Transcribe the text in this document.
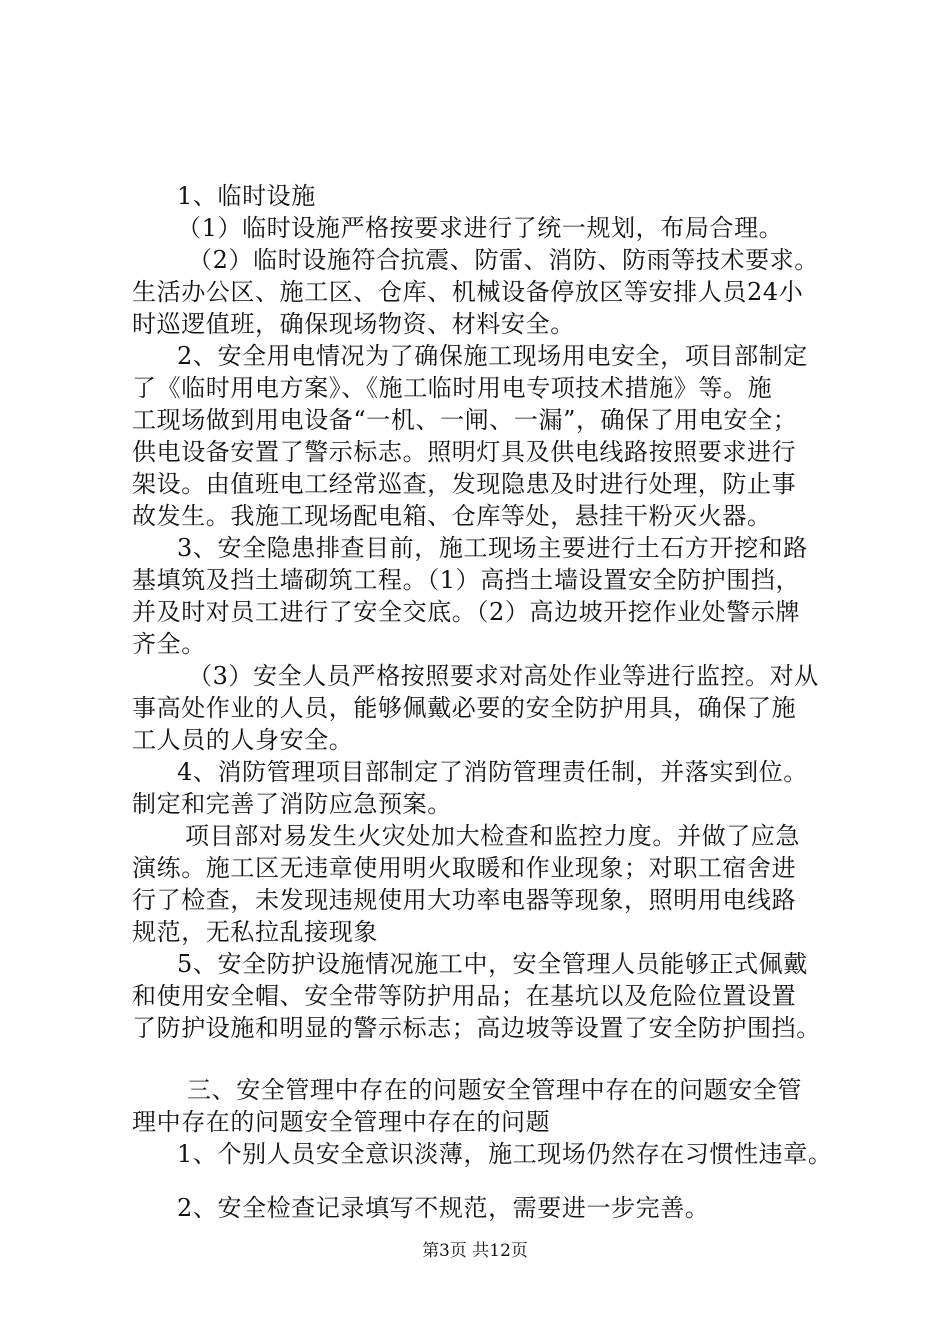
1、临时设施
（1）临时设施严格按要求进行了统一规划，布局合理。
（2）临时设施符合抗震、防雷、消防、防雨等技术要求。
生活办公区、施工区、仓库、机械设备停放区等安排人员24小
时巡逻值班，确保现场物资、材料安全。
2、安全用电情况为了确保施工现场用电安全，项目部制定
了《临时用电方案》、《施工临时用电专项技术措施》等。施
工现场做到用电设备“一机、一闸、一漏”，确保了用电安全；
供电设备安置了警示标志。照明灯具及供电线路按照要求进行
架设。由值班电工经常巡查，发现隐患及时进行处理，防止事
故发生。我施工现场配电箱、仓库等处，悬挂干粉灭火器。
3、安全隐患排查目前，施工现场主要进行土石方开挖和路
基填筑及挡土墙砌筑工程。（1）高挡土墙设置安全防护围挡，
并及时对员工进行了安全交底。（2）高边坡开挖作业处警示牌
齐全。
（3）安全人员严格按照要求对高处作业等进行监控。对从
事高处作业的人员，能够佩戴必要的安全防护用具，确保了施
工人员的人身安全。
4、消防管理项目部制定了消防管理责任制，并落实到位。
制定和完善了消防应急预案。
项目部对易发生火灾处加大检查和监控力度。并做了应急
演练。施工区无违章使用明火取暖和作业现象；对职工宿舍进
行了检查，未发现违规使用大功率电器等现象，照明用电线路
规范，无私拉乱接现象
5、安全防护设施情况施工中，安全管理人员能够正式佩戴
和使用安全帽、安全带等防护用品；在基坑以及危险位置设置
了防护设施和明显的警示标志；高边坡等设置了安全防护围挡。
三、安全管理中存在的问题安全管理中存在的问题安全管
理中存在的问题安全管理中存在的问题
1、个别人员安全意识淡薄，施工现场仍然存在习惯性违章。
2、安全检查记录填写不规范，需要进一步完善。
第3页 共12页
